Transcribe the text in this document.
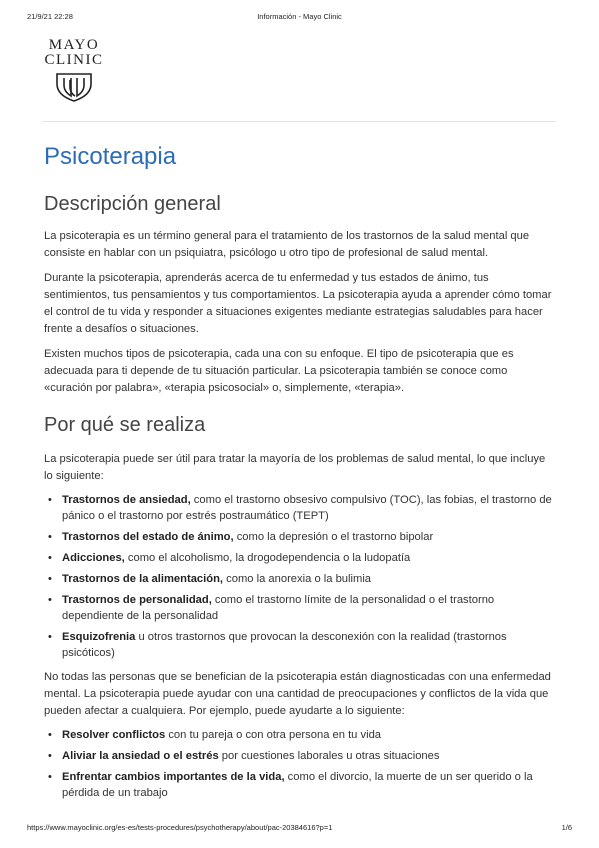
21/9/21 22:28	Información - Mayo Clinic
MAYO
CLINIC
Psicoterapia
Descripción general

La psicoterapia es un término general para el tratamiento de los trastornos de la salud mental que consiste en hablar con un psiquiatra, psicólogo u otro tipo de profesional de salud mental.

Durante la psicoterapia, aprenderás acerca de tu enfermedad y tus estados de ánimo, tus sentimientos, tus pensamientos y tus comportamientos. La psicoterapia ayuda a aprender cómo tomar el control de tu vida y responder a situaciones exigentes mediante estrategias saludables para hacer frente a desafíos o situaciones.

Existen muchos tipos de psicoterapia, cada una con su enfoque. El tipo de psicoterapia que es adecuada para ti depende de tu situación particular. La psicoterapia también se conoce como «curación por palabra», «terapia psicosocial» o, simplemente, «terapia».

Por qué se realiza

La psicoterapia puede ser útil para tratar la mayoría de los problemas de salud mental, lo que incluye lo siguiente:

• Trastornos de ansiedad, como el trastorno obsesivo compulsivo (TOC), las fobias, el trastorno de pánico o el trastorno por estrés postraumático (TEPT)
• Trastornos del estado de ánimo, como la depresión o el trastorno bipolar
• Adicciones, como el alcoholismo, la drogodependencia o la ludopatía
• Trastornos de la alimentación, como la anorexia o la bulimia
• Trastornos de personalidad, como el trastorno límite de la personalidad o el trastorno dependiente de la personalidad
• Esquizofrenia u otros trastornos que provocan la desconexión con la realidad (trastornos psicóticos)

No todas las personas que se benefician de la psicoterapia están diagnosticadas con una enfermedad mental. La psicoterapia puede ayudar con una cantidad de preocupaciones y conflictos de la vida que pueden afectar a cualquiera. Por ejemplo, puede ayudarte a lo siguiente:

• Resolver conflictos con tu pareja o con otra persona en tu vida
• Aliviar la ansiedad o el estrés por cuestiones laborales u otras situaciones
• Enfrentar cambios importantes de la vida, como el divorcio, la muerte de un ser querido o la pérdida de un trabajo
https://www.mayoclinic.org/es-es/tests-procedures/psychotherapy/about/pac-20384616?p=1	1/6
